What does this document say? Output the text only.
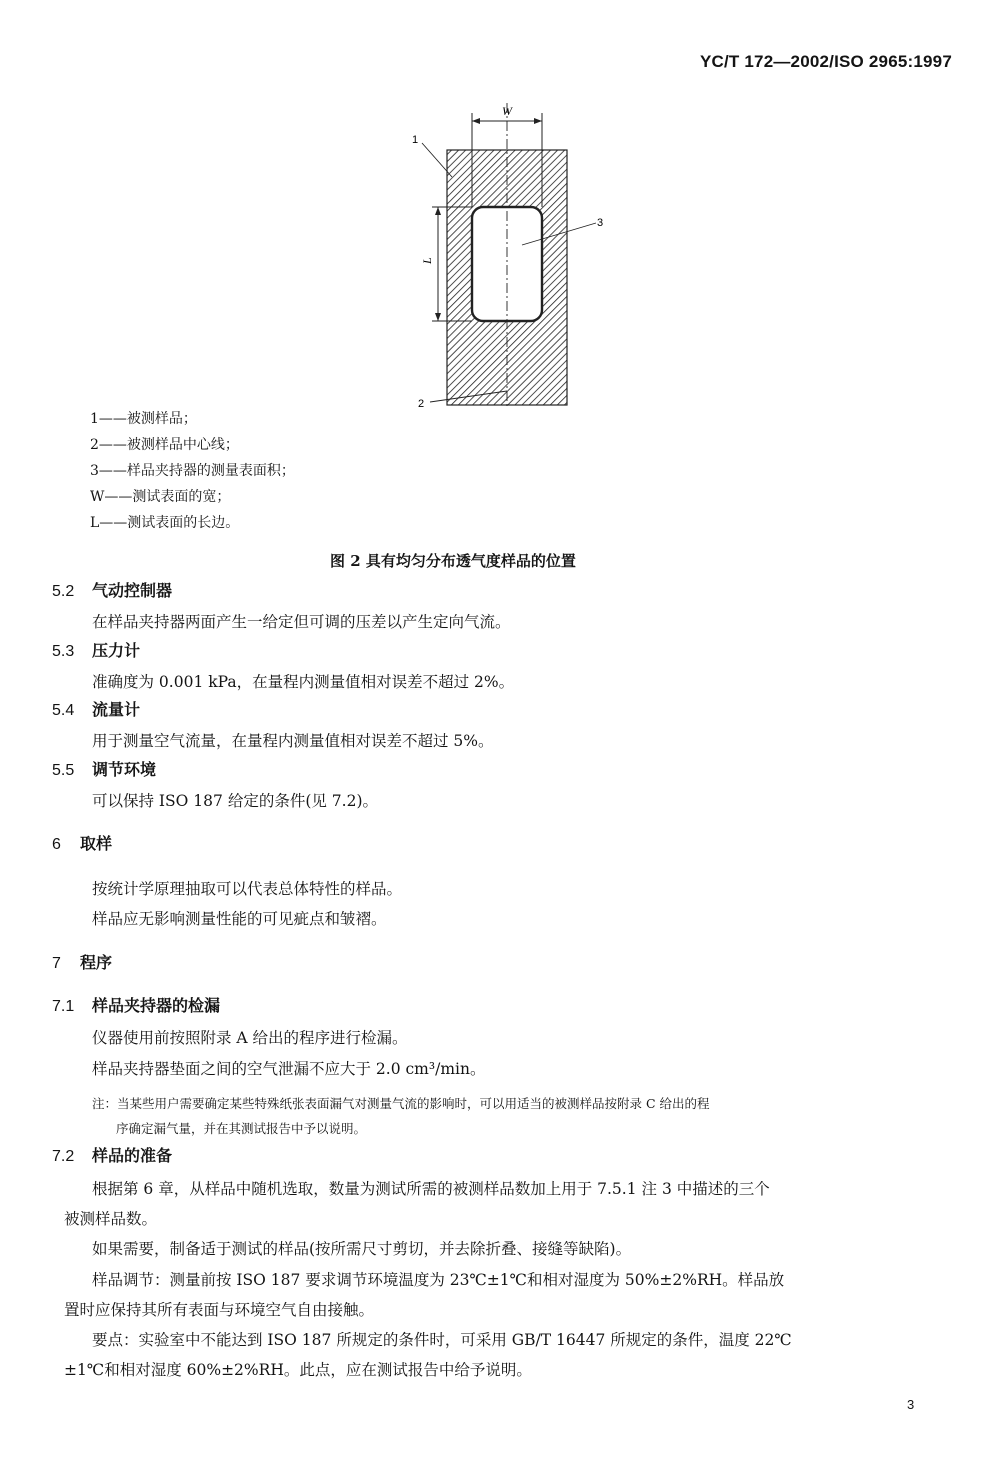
YC/T 172—2002/ISO 2965:1997
W
L
1
3
2
1——被测样品；
2——被测样品中心线；
3——样品夹持器的测量表面积；
W——测试表面的宽；
L——测试表面的长边。
图 2 具有均匀分布透气度样品的位置
5.2 气动控制器
在样品夹持器两面产生一给定但可调的压差以产生定向气流。
5.3 压力计
准确度为 0.001 kPa，在量程内测量值相对误差不超过 2%。
5.4 流量计
用于测量空气流量，在量程内测量值相对误差不超过 5%。
5.5 调节环境
可以保持 ISO 187 给定的条件(见 7.2)。
6 取样
按统计学原理抽取可以代表总体特性的样品。
样品应无影响测量性能的可见疵点和皱褶。
7 程序
7.1 样品夹持器的检漏
仪器使用前按照附录 A 给出的程序进行检漏。
样品夹持器垫面之间的空气泄漏不应大于 2.0 cm³/min。
注：当某些用户需要确定某些特殊纸张表面漏气对测量气流的影响时，可以用适当的被测样品按附录 C 给出的程
序确定漏气量，并在其测试报告中予以说明。
7.2 样品的准备
根据第 6 章，从样品中随机选取，数量为测试所需的被测样品数加上用于 7.5.1 注 3 中描述的三个
被测样品数。
如果需要，制备适于测试的样品(按所需尺寸剪切，并去除折叠、接缝等缺陷)。
样品调节：测量前按 ISO 187 要求调节环境温度为 23℃±1℃和相对湿度为 50%±2%RH。样品放
置时应保持其所有表面与环境空气自由接触。
要点：实验室中不能达到 ISO 187 所规定的条件时，可采用 GB/T 16447 所规定的条件，温度 22℃
±1℃和相对湿度 60%±2%RH。此点，应在测试报告中给予说明。
3
